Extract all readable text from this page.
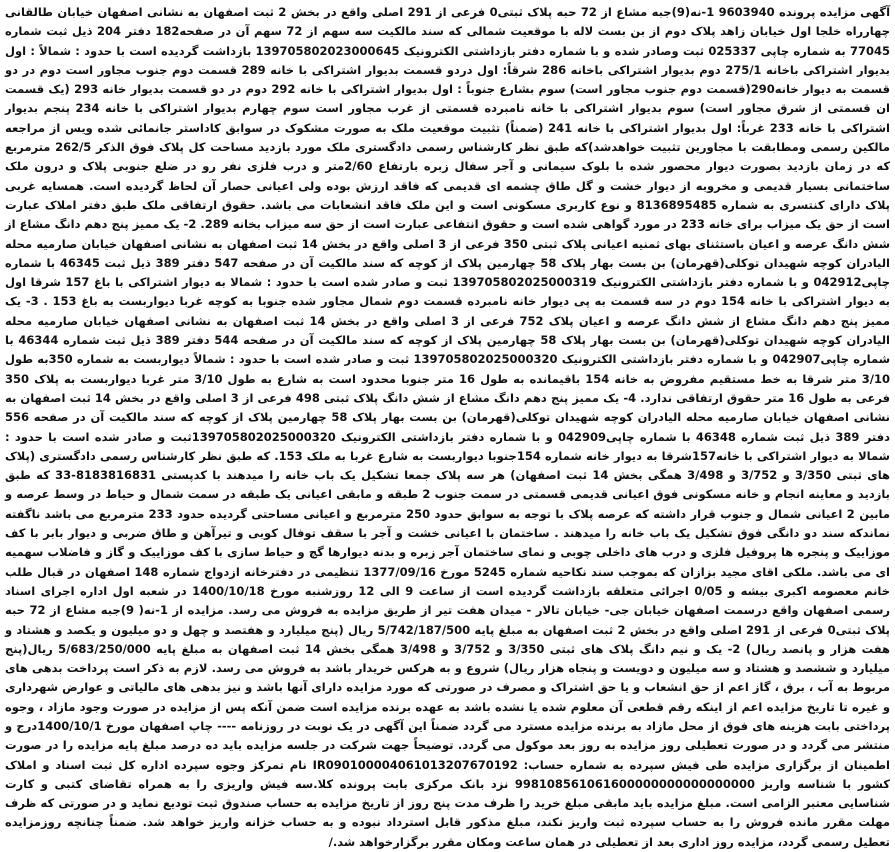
آگهی مزایده پرونده 9603940 1-نه(9)جبه مشاع از 72 حبه پلاک ثبتی0 فرعی از 291 اصلی واقع در بخش 2 ثبت اصفهان به نشانی اصفهان خیابان طالقانی چهارراه خلجا اول خیابان زاهد پلاک دوم از بن بست لاله با موقعیت شمالی که سند مالکیت سه سهم از 72 سهم آن در صفحه182 دفتر 204 ذیل ثبت شماره 77045 به شماره چاپی 025337 ثبت وصادر شده و با شماره دفتر بازداشتی الکترونیک 139705802023000645 بازداشت گردیده است با حدود : شمالاً : اول بدیوار اشتراکی باخانه 275/1 دوم بدیوار اشتراکی باخانه 286 شرقاً: اول دردو قسمت بدیوار اشتراکی با خانه 289 قسمت دوم جنوب مجاور است دوم در دو قسمت به دیوار خانه290(قسمت دوم جنوب مجاور است) سوم بشارع جنوباً : اول بدیوار اشتراکی با خانه 292 دوم در دو قسمت بدیوار خانه 293 (یک قسمت ان قسمتی از شرق مجاور است) سوم بدیوار اشتراکی با خانه نامبرده قسمتی از غرب مجاور است سوم چهارم بدیوار اشتراکی با خانه 234 پنجم بدیوار اشتراکی با خانه 233 غرباً: اول بدیوار اشتراکی با خانه 241 (ضمناً) تثبیت موقعیت ملک به صورت مشکوک در سوابق کاداستر جانمائی شده ویس از مراجعه مالکین رسمی ومطابقت با مجاورین تثبیت خواهدشد)که طبق نظر کارشناس رسمی دادگستری ملک مورد بازدید مساحت کل پلاک فوق الذکر 262/5 مترمربع که در زمان بازدید بصورت دیوار محصور شده با بلوک سیمانی و آجر سفال زبره بارتفاع 2/60متر و درب فلزی نفر رو در ضلع جنوبی پلاک و درون ملک ساختمانی بسیار قدیمی و مخروبه از دیوار خشت و گل طاق چشمه ای قدیمی که فاقد ارزش بوده ولی اعیانی حصار آن لحاظ گردیده است. همسایه غربی پلاک دارای کنتسری به شماره 8136895485 و نوع کاربری مسکونی است و این ملک فاقد انشعابات می باشد. حقوق ارتفاقی ملک طبق دفتر املاک عبارت است از حق یک میزاب برای خانه 233 در مورد گواهی شده است و حقوق انتفاعی عبارت است از حق سه میزاب بخانه 289. 2- یک ممیز پنج دهم دانگ مشاع از شش دانگ عرصه و اعیان باستثنای بهای ثمنیه اعیانی پلاک ثبتی 350 فرعی از 3 اصلی واقع در بخش 14 ثبت اصفهان به نشانی اصفهان خیابان صارمیه محله الیادران کوچه شهیدان توکلی(قهرمان) بن بست بهار پلاک 58 چهارمین پلاک از کوچه که سند مالکیت آن در صفحه 547 دفتر 389 ذیل ثبت 46345 با شماره چاپی042912 و با شماره دفتر بازداشتی الکترونیک 139705802025000319 ثبت و صادر شده است با حدود : شمالا به دیوار اشتراکی با باغ 157 شرقا اول به دیوار اشتراکی با خانه 154 دوم در سه قسمت به پی دیوار خانه نامبرده قسمت دوم شمال مجاور شده جنوبا به کوچه غربا دیواربست به باغ 153 . 3- یک ممیز پنج دهم دانگ مشاع از شش دانگ عرصه و اعیان پلاک 752 فرعی از 3 اصلی واقع در بخش 14 ثبت اصفهان به نشانی اصفهان خیابان صارمیه محله الیادران کوچه شهیدان توکلی(قهرمان) بن بست بهار پلاک 58 چهارمین پلاک از کوچه که سند مالکیت آن در صفحه 544 دفتر 389 ذیل ثبت شماره 46344 با شماره چاپی042907 و با شماره دفتر بازداشتی الکترونیک 139705802025000320 ثبت و صادر شده است با حدود : شمالاً دیواربست به شماره 350به طول 3/10 متر شرقا به خط مستقیم مفروض به خانه 154 باقیمانده به طول 16 متر جنوبا محدود است به شارع به طول 3/10 متر غربا دیواربست به پلاک 350 فرعی به طول 16 متر حقوق ارتفاقی ندارد. 4- یک ممیز پنج دهم دانگ مشاع از شش دانگ پلاک ثبتی 498 فرعی از 3 اصلی واقع در بخش 14 ثبت اصفهان به نشانی اصفهان خیابان صارمیه محله الیادران کوچه شهیدان توکلی(قهرمان) بن بست بهار پلاک 58 چهارمین پلاک از کوچه که سند مالکیت آن در صفحه 556 دفتر 389 ذیل ثبت شماره 46348 با شماره چاپی042909 و با شماره دفتر بازداشتی الکترونیک 139705802025000320ثبت و صادر شده است با حدود : شمالا به دیوار اشتراکی با خانه157شرقا به دیوار خانه شماره 154جنوبا دیواربست به شارع غربا به ملک 153. که طبق نظر کارشناس رسمی دادگستری (پلاک های ثبتی 3/350 و 3/752 و 3/498 همگی بخش 14 ثبت اصفهان) هر سه پلاک جمعا تشکیل یک باب خانه را میدهند با کدپستی 8183816831-33 که طبق بازدید و معاینه انجام و خانه مسکونی فوق اعیانی قدیمی قسمتی در سمت جنوب 2 طبقه و مابقی اعیانی یک طبقه در سمت شمال و حیاط در وسط عرصه و مابین 2 اعیانی شمال و جنوب قرار داشته که عرصه پلاک با توجه به سوابق حدود 250 مترمربع و اعیانی مساحتی گردیده حدود 233 مترمربع می باشد ناگفته نماندکه سند دو دانگی فوق تشکیل یک باب خانه را میدهند . ساختمان با اعیانی خشت و آجر با سقف توفال کوبی و تیرآهن و طاق ضربی و دیوار بابر با کف موزاییک و پنجره ها پروفیل فلزی و درب های داخلی چوبی و نمای ساختمان آجر زبره و بدنه دیوارها گچ و حیاط سازی با کف موزاییک و گاز و فاضلاب سهمیه ای می باشد. ملکی اقای مجید بزازان که بموجب سند نکاحیه شماره 5245 مورخ 1377/09/16 تنظیمی در دفترخانه ازدواج شماره 148 اصفهان در قبال طلب خانم معصومه اکبری بیشه و 0/05 اجرائی متعلقه بازداشت گردیده است از ساعت 9 الی 12 روزشنبه مورخ 1400/10/18 در شعبه اول اداره اجرای اسناد رسمی اصفهان واقع درسمت اصفهان خیابان جی- خیابان تالار - میدان هفت تیر از طریق مزایده به فروش می رسد. مزایده از 1-نه( 9)جبه مشاع از 72 حبه پلاک ثبتی0 فرعی از 291 اصلی واقع در بخش 2 ثبت اصفهان به مبلغ پایه 5/742/187/500 ریال (پنج میلیارد و هفتصد و چهل و دو میلیون و یکصد و هشتاد و هفت هزار و پانصد ریال) 2- یک و نیم دانگ پلاک های ثبتی 3/350 و 3/752 و 3/498 همگی بخش 14 ثبت اصفهان به مبلغ پایه 5/683/250/000 ریال(پنج میلیارد و ششصد و هشتاد و سه میلیون و دویست و پنجاه هزار ریال) شروع و به هرکس خریدار باشد به فروش می رسد. لازم به ذکر است پرداخت بدهی های مربوط به آب ، برق ، گاز اعم از حق انشعاب و یا حق اشتراک و مصرف در صورتی که مورد مزایده دارای آنها باشد و نیز بدهی های مالیاتی و عوارض شهرداری و غیره تا تاریخ مزایده اعم از اینکه رقم قطعی آن معلوم شده یا نشده باشد به عهده برنده مزایده است ضمن آنکه پس از مزایده در صورت وجود مازاد ، وجوه پرداختی بابت هزینه های فوق از محل مازاد به برنده مزایده مسترد می گردد ضمناً این آگهی در یک نوبت در روزنامه ---- چاپ اصفهان مورخ 1400/10/1درج و منتشر می گردد و در صورت تعطیلی روز مزایده به روز بعد موکول می گردد. توضیحاً جهت شرکت در جلسه مزایده باید ده درصد مبلغ پایه مزایده را در صورت اطمینان از برگزاری مزایده طی فیش سپرده به شماره حساب: IR090100004061013207670192 نام تمرکز وجوه سپرده اداره کل ثبت اسناد و املاک کشور با شناسه واریز 998108561061600000000000000000 نزد بانک مرکزی بابت پرونده کلا.سه فیش واریزی را به همراه تقاضای کتبی و کارت شناسایی معتبر الزامی است. مبلغ مزایده باید مابقی مبلغ خرید را ظرف مدت پنج روز از تاریخ مزایده به حساب صندوق ثبت تودیع نماید و در صورتی که ظرف مهلت مقرر مانده فروش را به حساب سپرده ثبت واریز نکند، مبلغ مذکور قابل استرداد نبوده و به حساب خزانه واریز خواهد شد. ضمناً چنانچه روزمزایده تعطیل رسمی گردد، مزایده روز اداری بعد از تعطیلی در همان ساعت ومکان مقرر برگزارخواهد شد./
